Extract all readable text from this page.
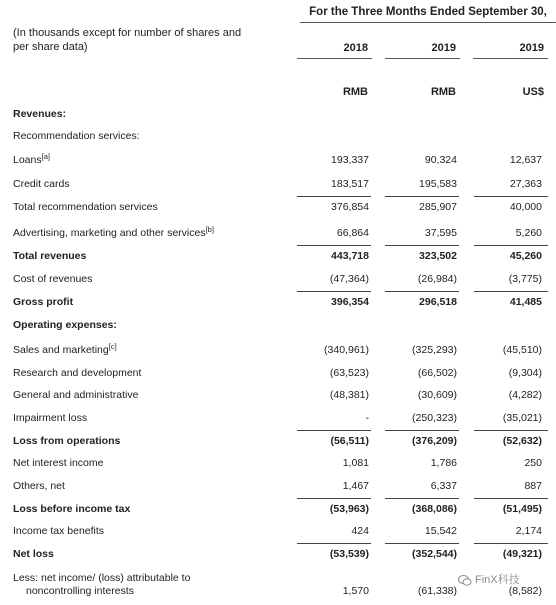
For the Three Months Ended September 30,
(In thousands except for number of shares and
per share data)	2018	2019	2019
RMB	RMB	US$
Revenues:
Recommendation services:
Loans[a]	193,337	90,324	12,637
Credit cards	183,517	195,583	27,363
Total recommendation services	376,854	285,907	40,000
Advertising, marketing and other services[b]	66,864	37,595	5,260
Total revenues	443,718	323,502	45,260
Cost of revenues	(47,364)	(26,984)	(3,775)
Gross profit	396,354	296,518	41,485
Operating expenses:
Sales and marketing[c]	(340,961)	(325,293)	(45,510)
Research and development	(63,523)	(66,502)	(9,304)
General and administrative	(48,381)	(30,609)	(4,282)
Impairment loss	-	(250,323)	(35,021)
Loss from operations	(56,511)	(376,209)	(52,632)
Net interest income	1,081	1,786	250
Others, net	1,467	6,337	887
Loss before income tax	(53,963)	(368,086)	(51,495)
Income tax benefits	424	15,542	2,174
Net loss	(53,539)	(352,544)	(49,321)
Less: net income/ (loss) attributable to
noncontrolling interests	1,570	(61,338)	(8,582)
FinX科技
